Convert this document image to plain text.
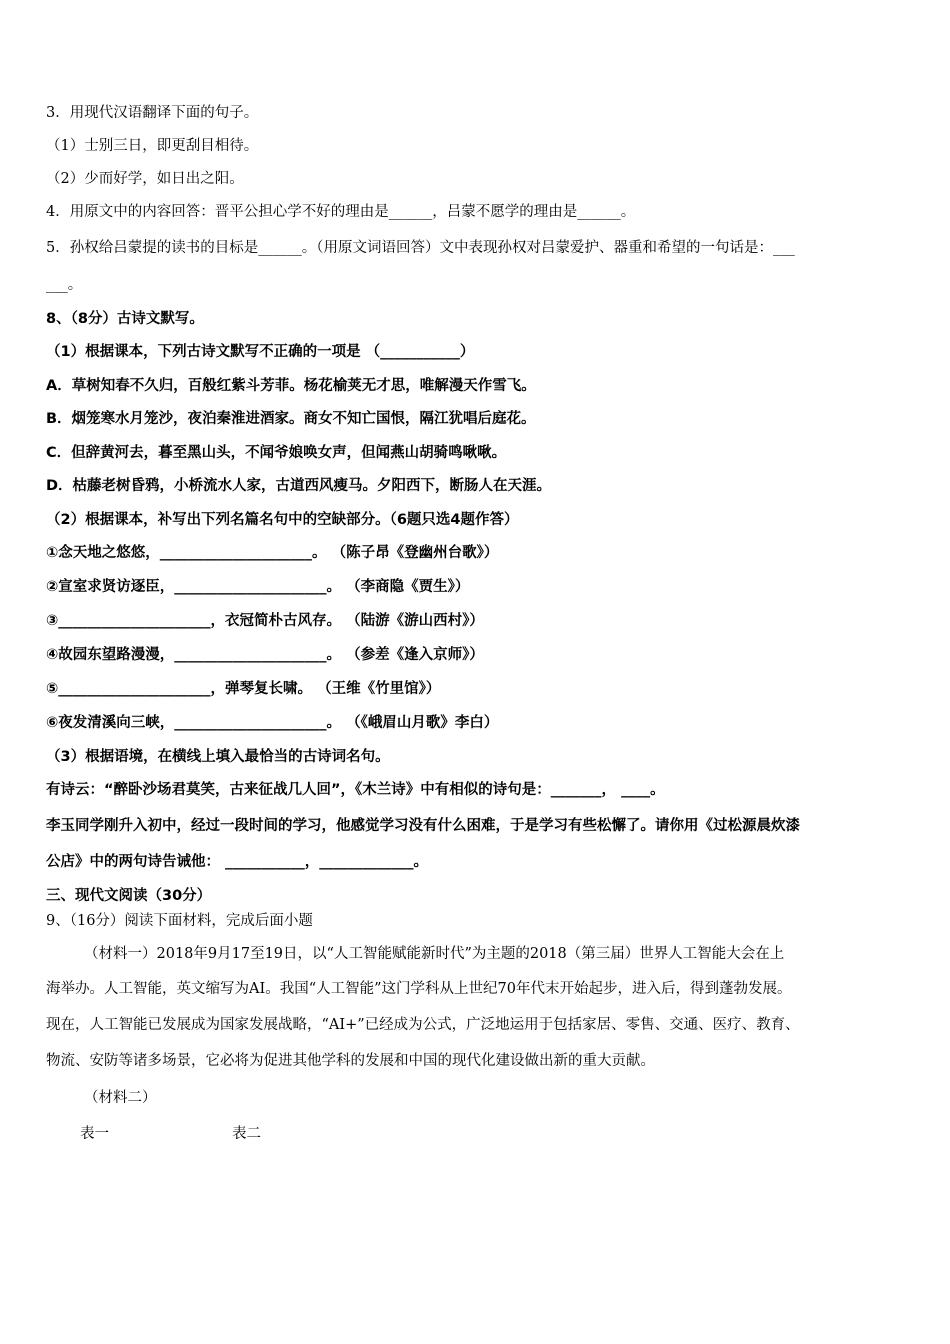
3．用现代汉语翻译下面的句子。
（1）士别三日，即更刮目相待。
（2）少而好学，如日出之阳。
4．用原文中的内容回答：晋平公担心学不好的理由是______，吕蒙不愿学的理由是______。
5．孙权给吕蒙提的读书的目标是______。（用原文词语回答）文中表现孙权对吕蒙爱护、器重和希望的一句话是：___
___。
8、（8分）古诗文默写。
（1）根据课本，下列古诗文默写不正确的一项是 （___________）
A．草树知春不久归，百般红紫斗芳菲。杨花榆荚无才思，唯解漫天作雪飞。
B．烟笼寒水月笼沙，夜泊秦淮进酒家。商女不知亡国恨，隔江犹唱后庭花。
C．但辞黄河去，暮至黑山头，不闻爷娘唤女声，但闻燕山胡骑鸣啾啾。
D．枯藤老树昏鸦，小桥流水人家，古道西风瘦马。夕阳西下，断肠人在天涯。
（2）根据课本，补写出下列名篇名句中的空缺部分。（6题只选4题作答）
①念天地之悠悠，_____________________。 （陈子昂《登幽州台歌》）
②宣室求贤访逐臣，_____________________。 （李商隐《贾生》）
③_____________________，衣冠简朴古风存。 （陆游《游山西村》）
④故园东望路漫漫，_____________________。 （参差《逢入京师》）
⑤_____________________，弹琴复长啸。 （王维《竹里馆》）
⑥夜发清溪向三峡，_____________________。 （《峨眉山月歌》李白）
（3）根据语境，在横线上填入最恰当的古诗词名句。
有诗云：“醉卧沙场君莫笑，古来征战几人回”，《木兰诗》中有相似的诗句是：_______， ____。
李玉同学刚升入初中，经过一段时间的学习，他感觉学习没有什么困难，于是学习有些松懈了。请你用《过松源晨炊漆
公店》中的两句诗告诫他： ___________，_____________。
三、现代文阅读（30分）
9、（16分）阅读下面材料，完成后面小题
（材料一）2018年9月17至19日，以“人工智能赋能新时代”为主题的2018（第三届）世界人工智能大会在上
海举办。人工智能，英文缩写为AI。我国“人工智能”这门学科从上世纪70年代末开始起步，进入后，得到蓬勃发展。
现在，人工智能已发展成为国家发展战略，“AI+”已经成为公式，广泛地运用于包括家居、零售、交通、医疗、教育、
物流、安防等诸多场景，它必将为促进其他学科的发展和中国的现代化建设做出新的重大贡献。
（材料二）
表一	表二
